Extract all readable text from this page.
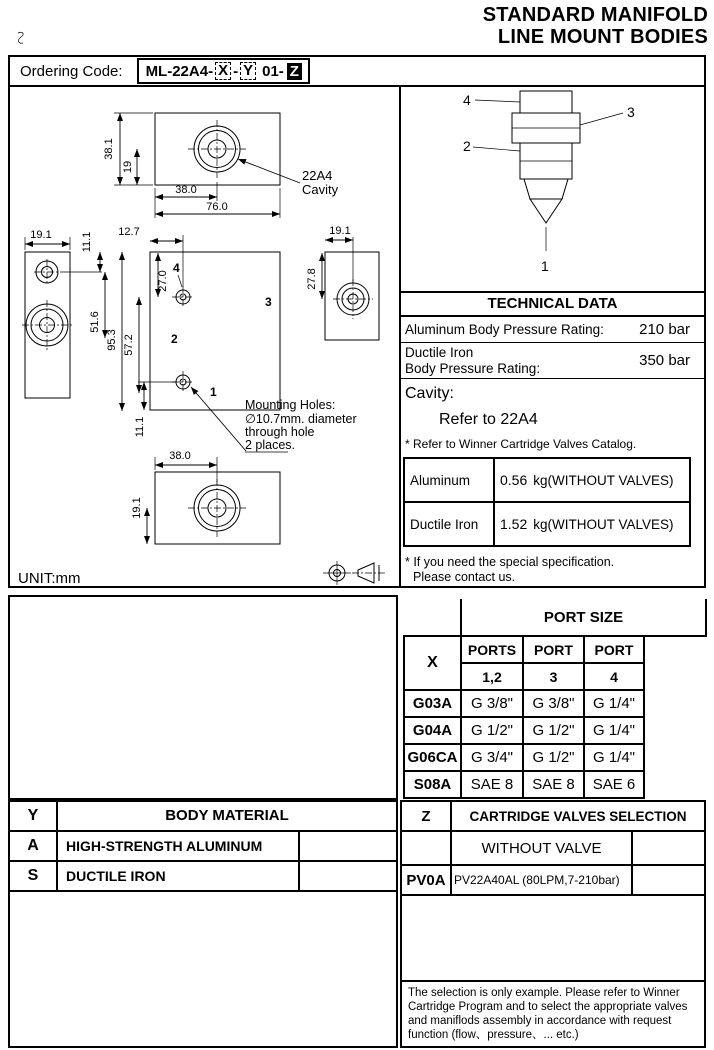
STANDARD MANIFOLD
LINE MOUNT BODIES
Ordering Code: ML-22A4- X - Y 01- Z
38.1
19
38.0
76.0
22A4
Cavity
4
3
2
1
19.1	11.1 12.7	19.1
27.8
27.0
51.6
95.3 57.2
11.1
Mounting Holes:
∅10.7mm. diameter
through hole
2 places.
38.0
19.1
UNIT:mm
4
3
2
1
TECHNICAL DATA
Aluminum Body Pressure Rating: 210 bar
Ductile Iron
Body Pressure Rating:	350 bar
Cavity:
Refer to 22A4
* Refer to Winner Cartridge Valves Catalog.
Aluminum	0.56 kg(WITHOUT VALVES)
Ductile Iron	1.52 kg(WITHOUT VALVES)
* If you need the special specification.
Please contact us.
	PORT SIZE			
X	PORTS	PORT	PORT	
	1,2	3	4	
G03A	G 3/8"	G 3/8"	G 1/4"	
G04A	G 1/2"	G 1/2"	G 1/4"	
G06CA	G 3/4"	G 1/2"	G 1/4"	
S08A	SAE 8	SAE 8	SAE 6	
Y	BODY MATERIAL
A	HIGH-STRENGTH ALUMINUM
S	DUCTILE IRON
Z	CARTRIDGE VALVES SELECTION
WITHOUT VALVE
PV0A PV22A40AL (80LPM,7-210bar)
The selection is only example. Please refer to Winner Cartridge Program and to select the appropriate valves and maniflods assembly in accordance with request function (flow、pressure、... etc.)
